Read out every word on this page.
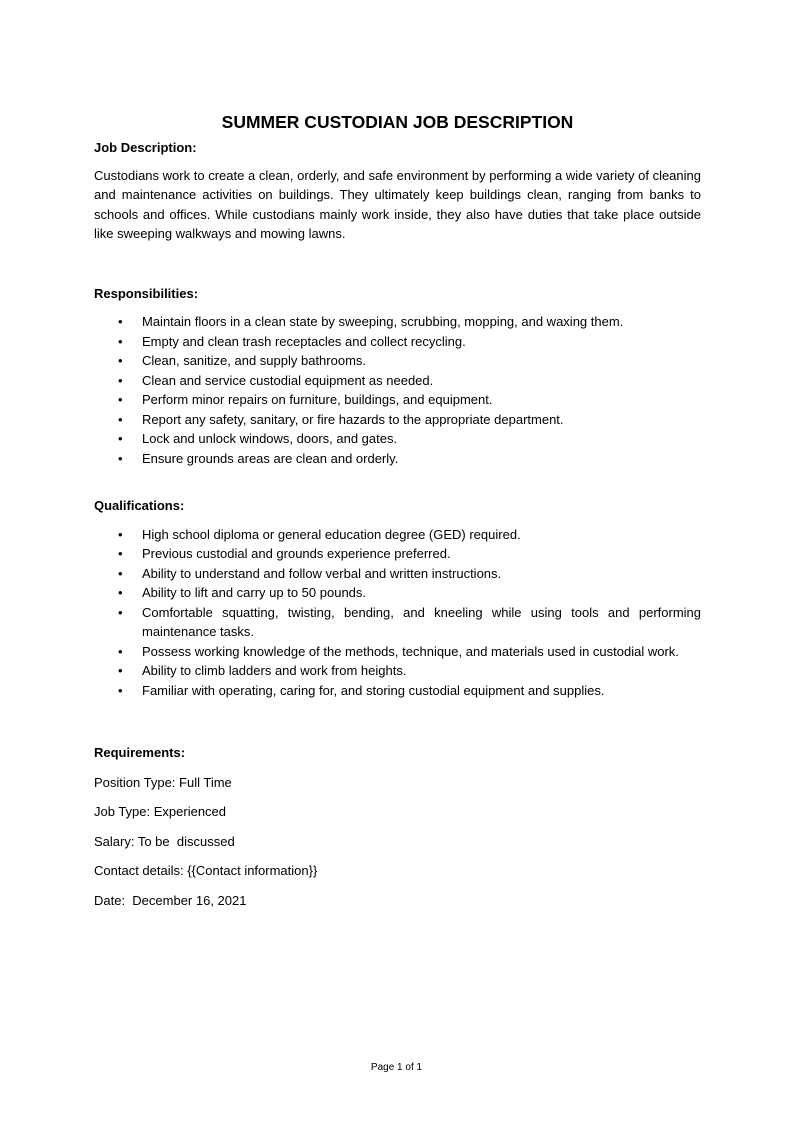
SUMMER CUSTODIAN JOB DESCRIPTION
Job Description:

Custodians work to create a clean, orderly, and safe environment by performing a wide variety of cleaning and maintenance activities on buildings. They ultimately keep buildings clean, ranging from banks to schools and offices. While custodians mainly work inside, they also have duties that take place outside like sweeping walkways and mowing lawns.

Responsibilities:
• Maintain floors in a clean state by sweeping, scrubbing, mopping, and waxing them.
• Empty and clean trash receptacles and collect recycling.
• Clean, sanitize, and supply bathrooms.
• Clean and service custodial equipment as needed.
• Perform minor repairs on furniture, buildings, and equipment.
• Report any safety, sanitary, or fire hazards to the appropriate department.
• Lock and unlock windows, doors, and gates.
• Ensure grounds areas are clean and orderly.
Qualifications:
• High school diploma or general education degree (GED) required.
• Previous custodial and grounds experience preferred.
• Ability to understand and follow verbal and written instructions.
• Ability to lift and carry up to 50 pounds.
• Comfortable squatting, twisting, bending, and kneeling while using tools and performing maintenance tasks.
• Possess working knowledge of the methods, technique, and materials used in custodial work.
• Ability to climb ladders and work from heights.
• Familiar with operating, caring for, and storing custodial equipment and supplies.
Requirements:
Position Type: Full Time
Job Type: Experienced
Salary: To be  discussed
Contact details: {{Contact information}}
Date:  December 16, 2021
Page 1 of 1
